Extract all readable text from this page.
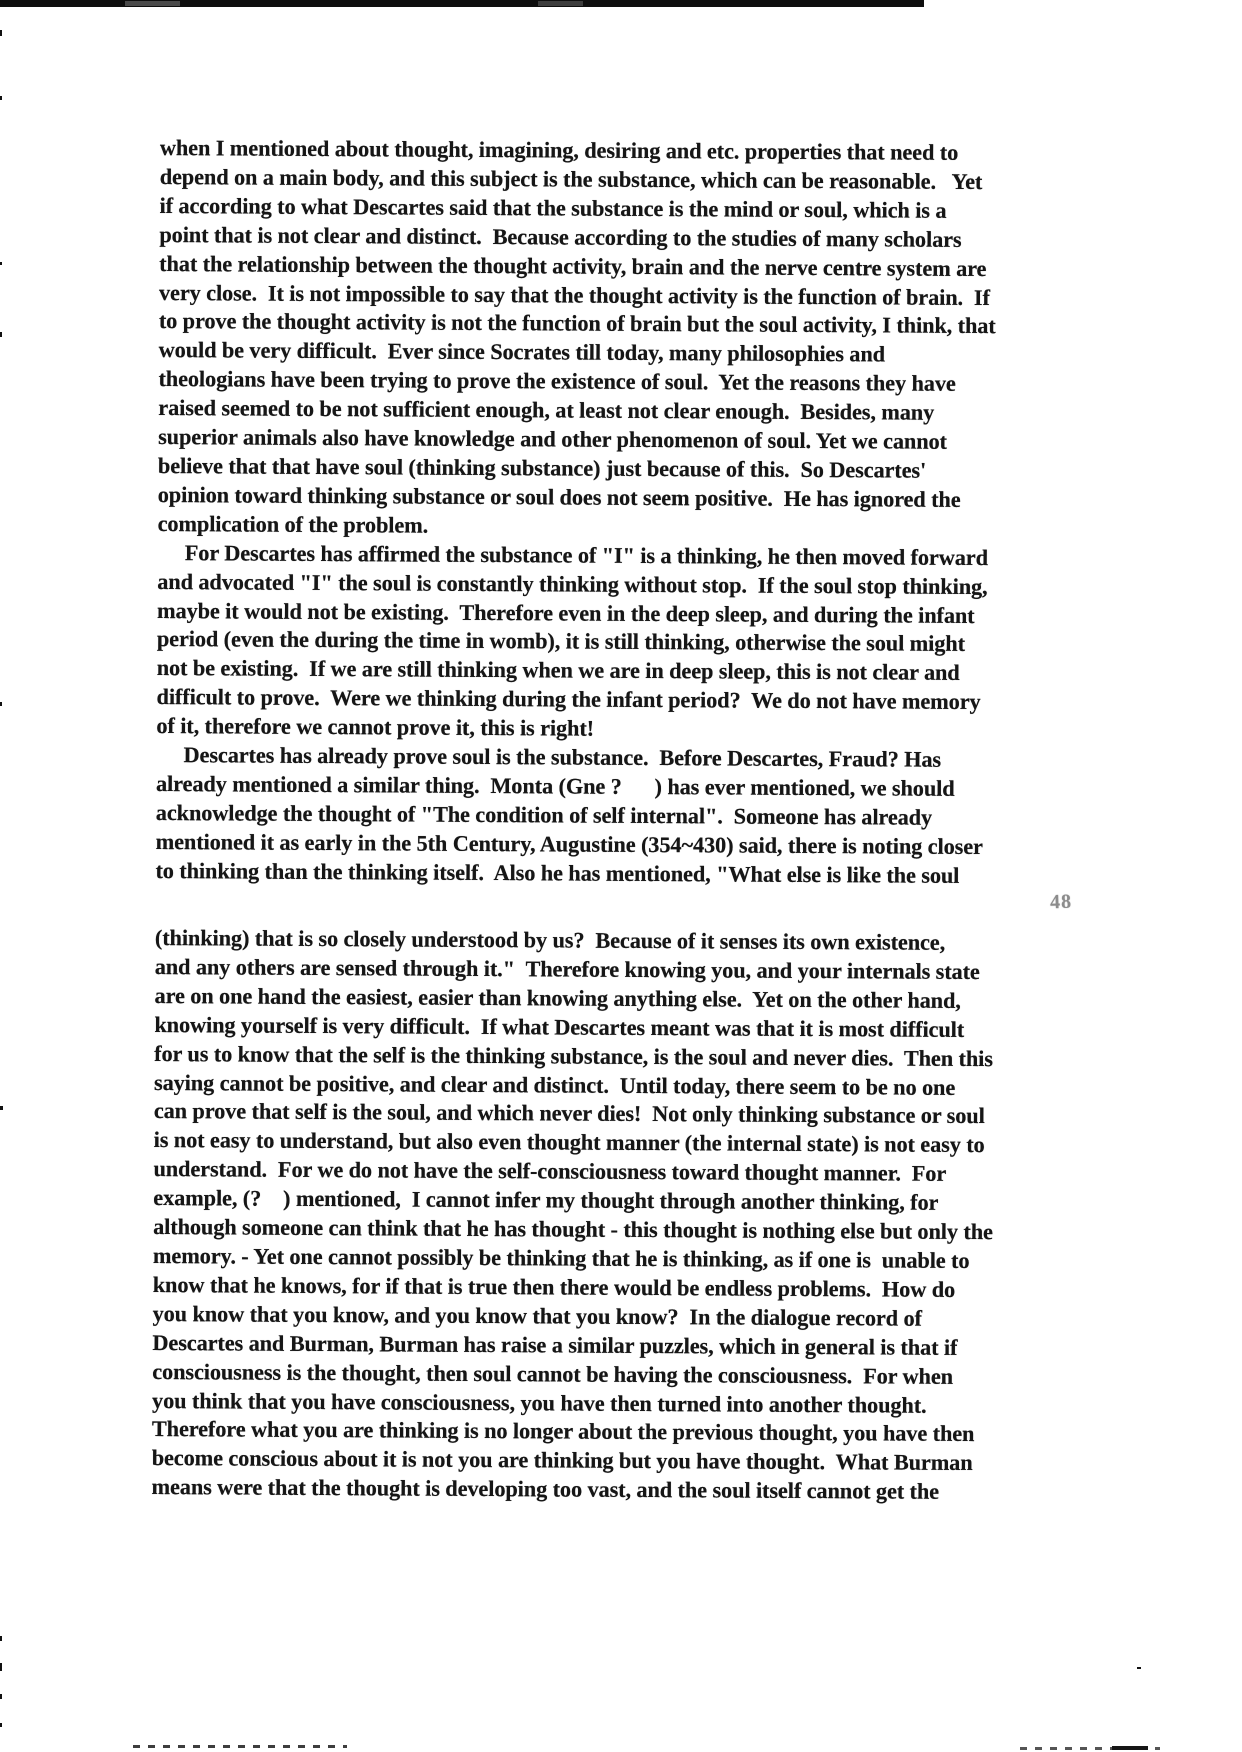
when I mentioned about thought, imagining, desiring and etc. properties that need to
depend on a main body, and this subject is the substance, which can be reasonable.   Yet
if according to what Descartes said that the substance is the mind or soul, which is a
point that is not clear and distinct.  Because according to the studies of many scholars
that the relationship between the thought activity, brain and the nerve centre system are
very close.  It is not impossible to say that the thought activity is the function of brain.  If
to prove the thought activity is not the function of brain but the soul activity, I think, that
would be very difficult.  Ever since Socrates till today, many philosophies and
theologians have been trying to prove the existence of soul.  Yet the reasons they have
raised seemed to be not sufficient enough, at least not clear enough.  Besides, many
superior animals also have knowledge and other phenomenon of soul. Yet we cannot
believe that that have soul (thinking substance) just because of this.  So Descartes'
opinion toward thinking substance or soul does not seem positive.  He has ignored the
complication of the problem.
For Descartes has affirmed the substance of "I" is a thinking, he then moved forward
and advocated "I" the soul is constantly thinking without stop.  If the soul stop thinking,
maybe it would not be existing.  Therefore even in the deep sleep, and during the infant
period (even the during the time in womb), it is still thinking, otherwise the soul might
not be existing.  If we are still thinking when we are in deep sleep, this is not clear and
difficult to prove.  Were we thinking during the infant period?  We do not have memory
of it, therefore we cannot prove it, this is right!
Descartes has already prove soul is the substance.  Before Descartes, Fraud? Has
already mentioned a similar thing.  Monta (Gne ?      ) has ever mentioned, we should
acknowledge the thought of "The condition of self internal".  Someone has already
mentioned it as early in the 5th Century, Augustine (354~430) said, there is noting closer
to thinking than the thinking itself.  Also he has mentioned, "What else is like the soul
48
(thinking) that is so closely understood by us?  Because of it senses its own existence,
and any others are sensed through it."  Therefore knowing you, and your internals state
are on one hand the easiest, easier than knowing anything else.  Yet on the other hand,
knowing yourself is very difficult.  If what Descartes meant was that it is most difficult
for us to know that the self is the thinking substance, is the soul and never dies.  Then this
saying cannot be positive, and clear and distinct.  Until today, there seem to be no one
can prove that self is the soul, and which never dies!  Not only thinking substance or soul
is not easy to understand, but also even thought manner (the internal state) is not easy to
understand.  For we do not have the self-consciousness toward thought manner.  For
example, (?    ) mentioned,  I cannot infer my thought through another thinking, for
although someone can think that he has thought - this thought is nothing else but only the
memory. - Yet one cannot possibly be thinking that he is thinking, as if one is  unable to
know that he knows, for if that is true then there would be endless problems.  How do
you know that you know, and you know that you know?  In the dialogue record of
Descartes and Burman, Burman has raise a similar puzzles, which in general is that if
consciousness is the thought, then soul cannot be having the consciousness.  For when
you think that you have consciousness, you have then turned into another thought.
Therefore what you are thinking is no longer about the previous thought, you have then
become conscious about it is not you are thinking but you have thought.  What Burman
means were that the thought is developing too vast, and the soul itself cannot get the
